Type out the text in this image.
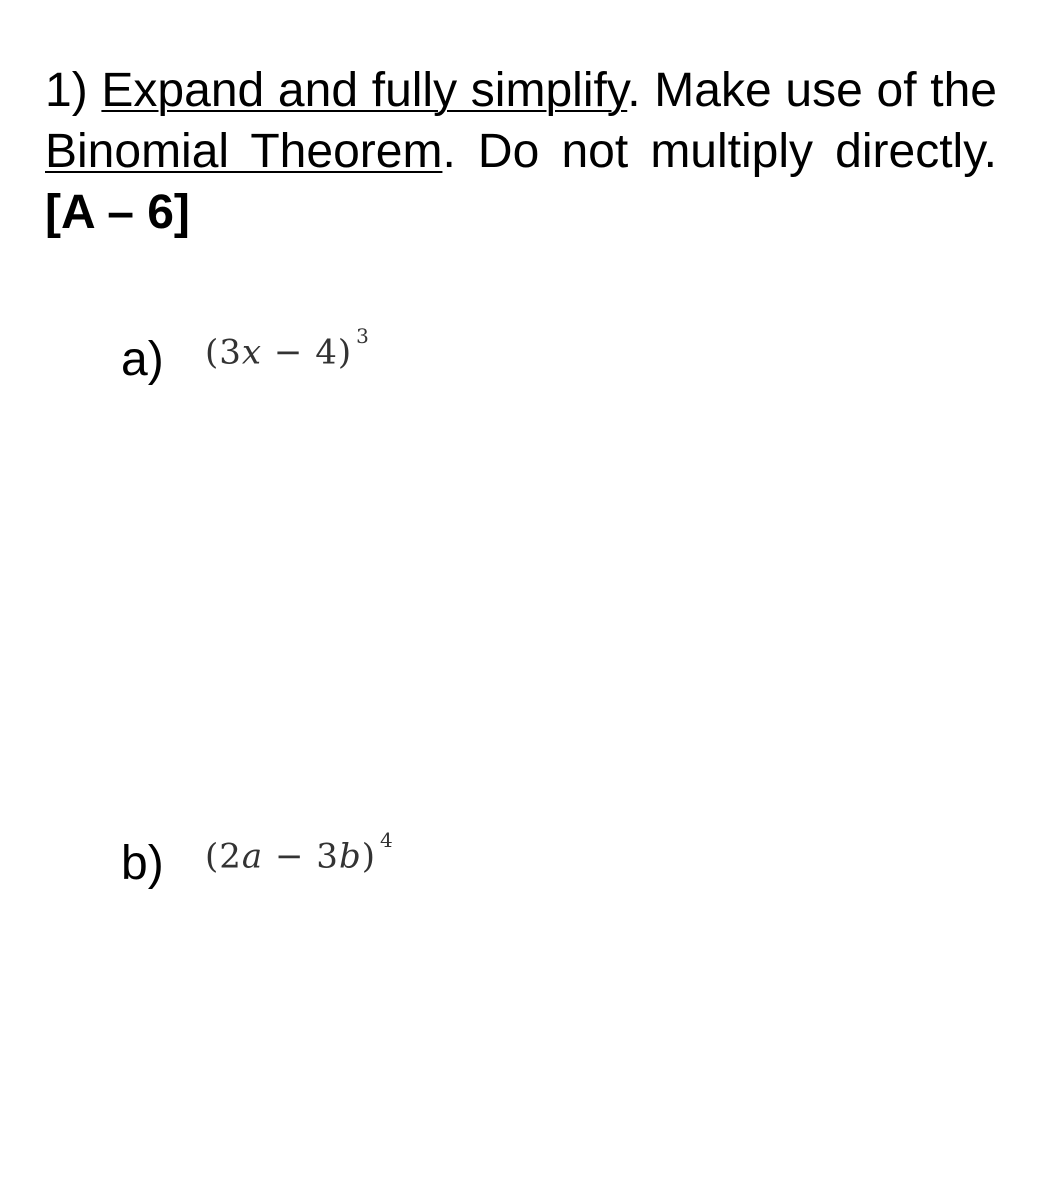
1) Expand and fully simplify. Make use of the Binomial Theorem. Do not multiply directly. [A – 6]

a)	(3x − 4) $^3$
b)	(2a − 3b) $^4$
